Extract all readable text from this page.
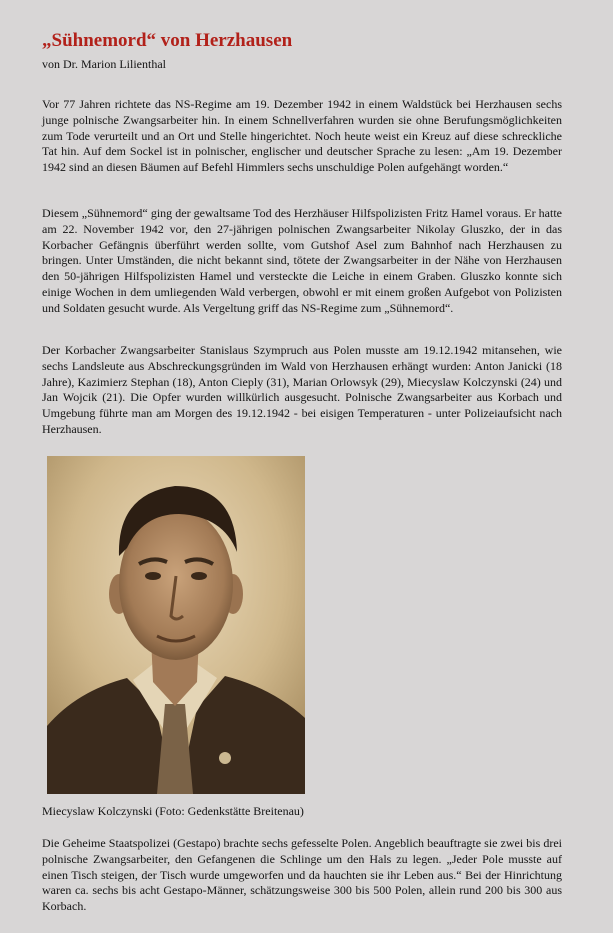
„Sühnemord“ von Herzhausen

von Dr. Marion Lilienthal

Vor 77 Jahren richtete das NS-Regime am 19. Dezember 1942 in einem Waldstück bei Herzhausen sechs junge polnische Zwangsarbeiter hin. In einem Schnellverfahren wurden sie ohne Berufungsmöglichkeiten zum Tode verurteilt und an Ort und Stelle hingerichtet. Noch heute weist ein Kreuz auf diese schreckliche Tat hin. Auf dem Sockel ist in polnischer, englischer und deutscher Sprache zu lesen: „Am 19. Dezember 1942 sind an diesen Bäumen auf Befehl Himmlers sechs unschuldige Polen aufgehängt worden.“

Diesem „Sühnemord“ ging der gewaltsame Tod des Herzhäuser Hilfspolizisten Fritz Hamel voraus. Er hatte am 22. November 1942 vor, den 27-jährigen polnischen Zwangsarbeiter Nikolay Gluszko, der in das Korbacher Gefängnis überführt werden sollte, vom Gutshof Asel zum Bahnhof nach Herzhausen zu bringen. Unter Umständen, die nicht bekannt sind, tötete der Zwangsarbeiter in der Nähe von Herzhausen den 50-jährigen Hilfspolizisten Hamel und versteckte die Leiche in einem Graben. Gluszko konnte sich einige Wochen in dem umliegenden Wald verbergen, obwohl er mit einem großen Aufgebot von Polizisten und Soldaten gesucht wurde. Als Vergeltung griff das NS-Regime zum „Sühnemord“.

Der Korbacher Zwangsarbeiter Stanislaus Szympruch aus Polen musste am 19.12.1942 mitansehen, wie sechs Landsleute aus Abschreckungsgründen im Wald von Herzhausen erhängt wurden: Anton Janicki (18 Jahre), Kazimierz Stephan (18), Anton Cieply (31), Marian Orlowsyk (29), Miecyslaw Kolczynski (24) und Jan Wojcik (21). Die Opfer wurden willkürlich ausgesucht. Polnische Zwangsarbeiter aus Korbach und Umgebung führte man am Morgen des 19.12.1942 - bei eisigen Temperaturen - unter Polizeiaufsicht nach Herzhausen.

Miecyslaw Kolczynski (Foto: Gedenkstätte Breitenau)

Die Geheime Staatspolizei (Gestapo) brachte sechs gefesselte Polen. Angeblich beauftragte sie zwei bis drei polnische Zwangsarbeiter, den Gefangenen die Schlinge um den Hals zu legen. „Jeder Pole musste auf einen Tisch steigen, der Tisch wurde umgeworfen und da hauchten sie ihr Leben aus.“ Bei der Hinrichtung waren ca. sechs bis acht Gestapo-Männer, schätzungsweise 300 bis 500 Polen, allein rund 200 bis 300 aus Korbach.
